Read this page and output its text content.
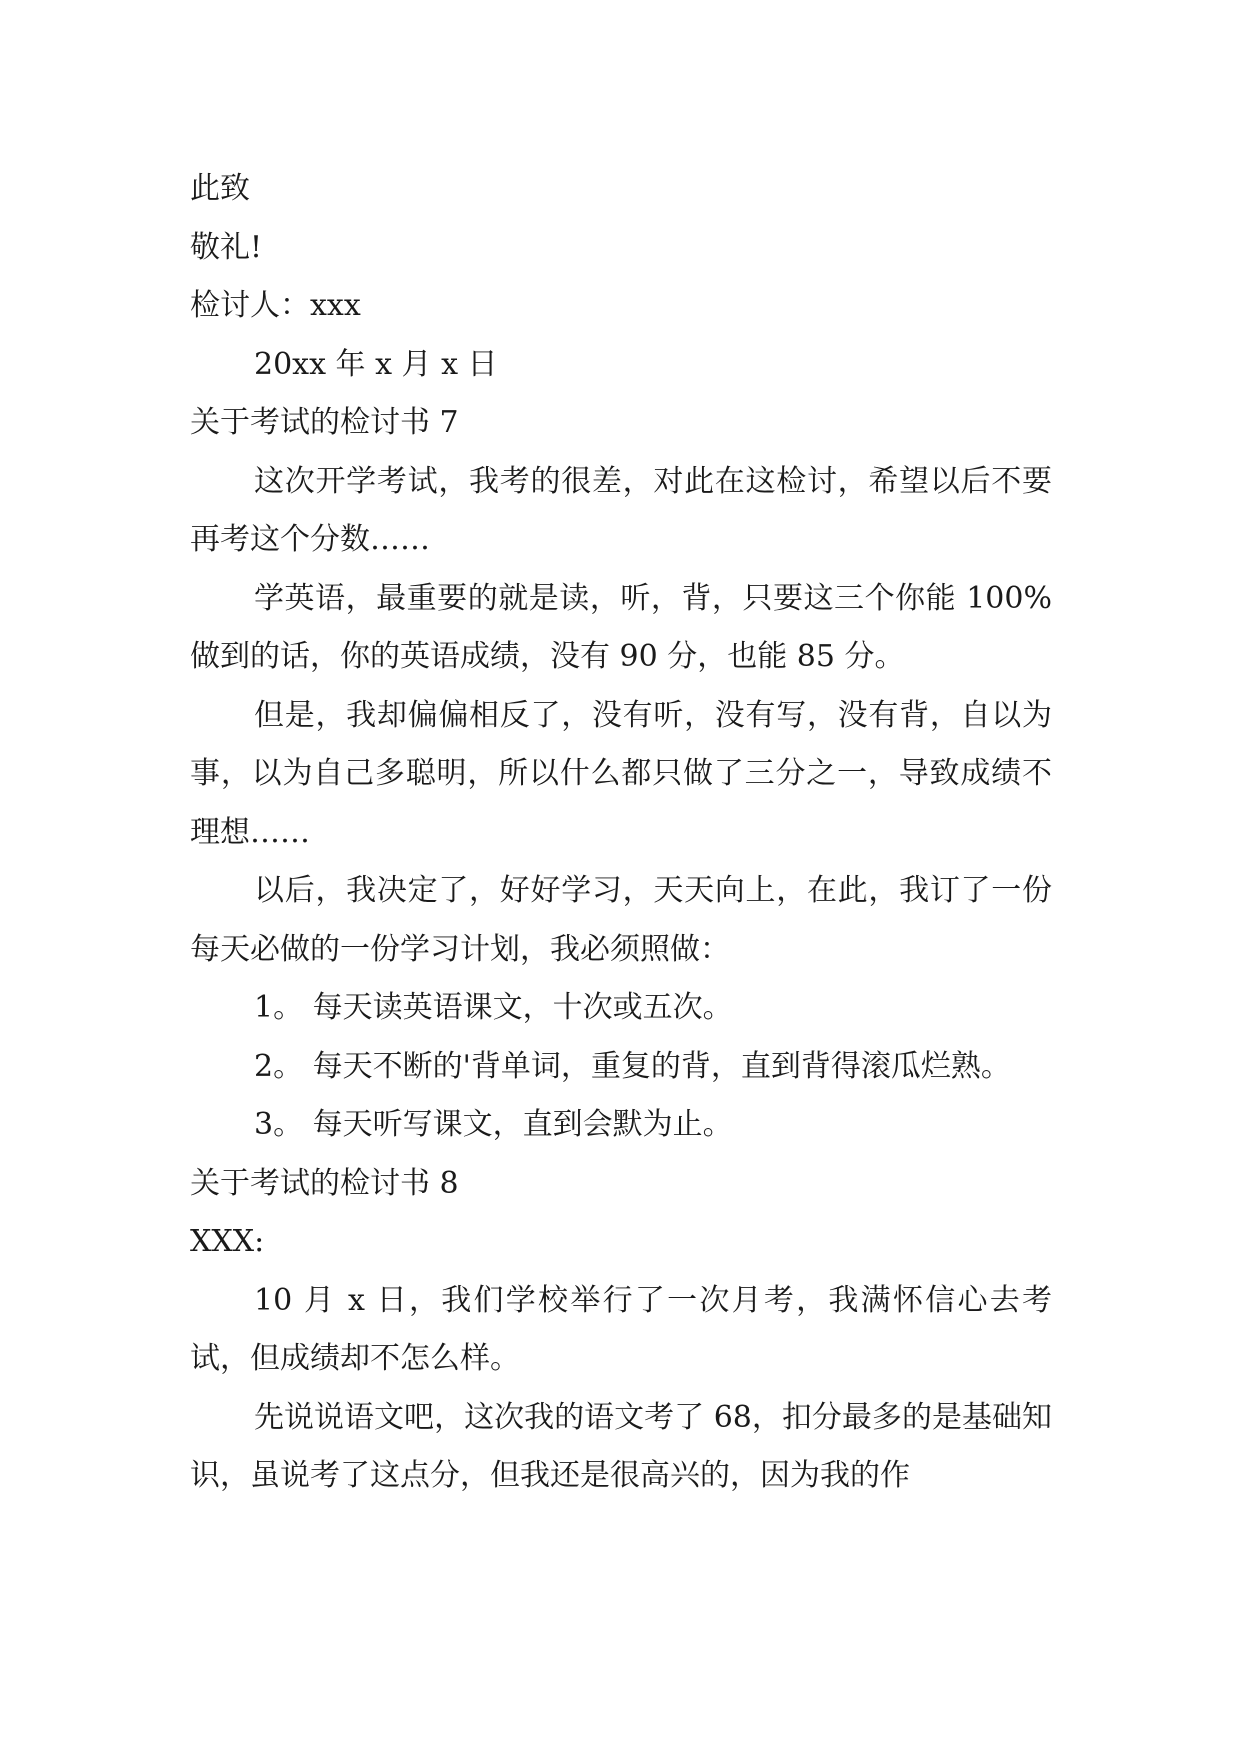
此致

敬礼!

检讨人：xxx

20xx 年 x 月 x 日

关于考试的检讨书 7

这次开学考试，我考的很差，对此在这检讨，希望以后不要再考这个分数……

学英语，最重要的就是读，听，背，只要这三个你能 100%做到的话，你的英语成绩，没有 90 分，也能 85 分。

但是，我却偏偏相反了，没有听，没有写，没有背，自以为事，以为自己多聪明，所以什么都只做了三分之一，导致成绩不理想……

以后，我决定了，好好学习，天天向上，在此，我订了一份每天必做的一份学习计划，我必须照做：

1。 每天读英语课文，十次或五次。

2。 每天不断的'背单词，重复的背，直到背得滚瓜烂熟。

3。 每天听写课文，直到会默为止。

关于考试的检讨书 8

XXX:

10 月 x 日，我们学校举行了一次月考，我满怀信心去考试，但成绩却不怎么样。

先说说语文吧，这次我的语文考了 68，扣分最多的是基础知识，虽说考了这点分，但我还是很高兴的，因为我的作
